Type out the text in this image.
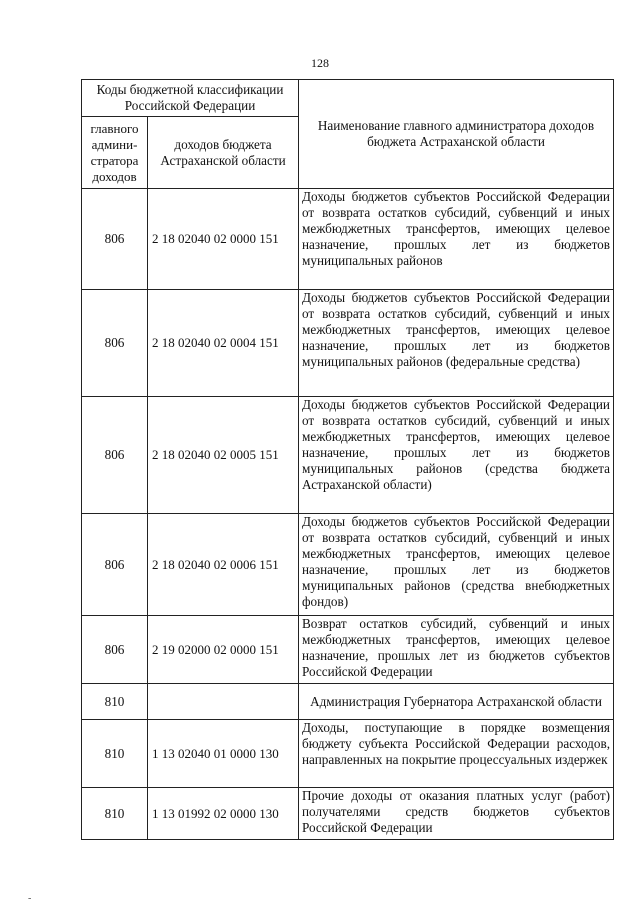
128
Коды бюджетной классификации Российской Федерации		Наименование главного администратора доходов бюджета Астраханской области
главного админи-стратора доходов	доходов бюджета Астраханской области	
806	2 18 02040 02 0000 151	Доходы бюджетов субъектов Российской Федерации от возврата остатков субсидий, субвенций и иных межбюджетных трансфертов, имеющих целевое назначение, прошлых лет из бюджетов муниципальных районов
806	2 18 02040 02 0004 151	Доходы бюджетов субъектов Российской Федерации от возврата остатков субсидий, субвенций и иных межбюджетных трансфертов, имеющих целевое назначение, прошлых лет из бюджетов муниципальных районов (федеральные средства)
806	2 18 02040 02 0005 151	Доходы бюджетов субъектов Российской Федерации от возврата остатков субсидий, субвенций и иных межбюджетных трансфертов, имеющих целевое назначение, прошлых лет из бюджетов муниципальных районов (средства бюджета Астраханской области)
806	2 18 02040 02 0006 151	Доходы бюджетов субъектов Российской Федерации от возврата остатков субсидий, субвенций и иных межбюджетных трансфертов, имеющих целевое назначение, прошлых лет из бюджетов муниципальных районов (средства внебюджетных фондов)
806	2 19 02000 02 0000 151	Возврат остатков субсидий, субвенций и иных межбюджетных трансфертов, имеющих целевое назначение, прошлых лет из бюджетов субъектов Российской Федерации
810		Администрация Губернатора Астраханской области
810	1 13 02040 01 0000 130	Доходы, поступающие в порядке возмещения бюджету субъекта Российской Федерации расходов, направленных на покрытие процессуальных издержек
810	1 13 01992 02 0000 130	Прочие доходы от оказания платных услуг (работ) получателями средств бюджетов субъектов Российской Федерации
-
